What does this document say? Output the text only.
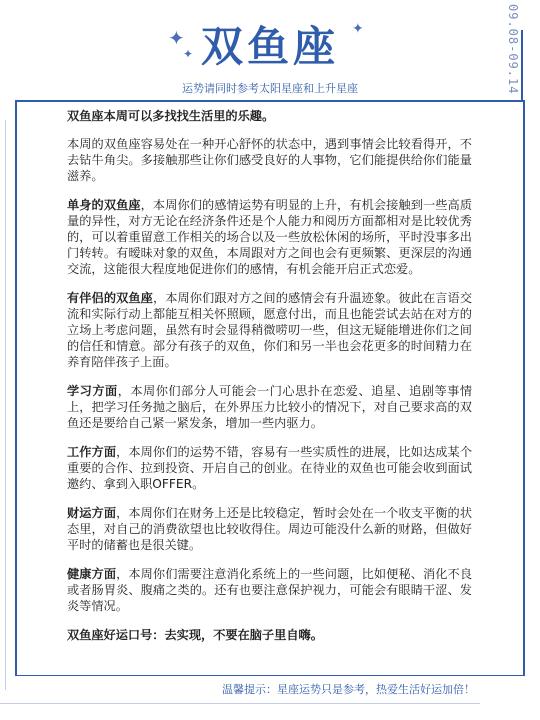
✦
✦
✦
双鱼座
运势请同时参考太阳星座和上升星座	09.08-09.14

双鱼座本周可以多找找生活里的乐趣。

本周的双鱼座容易处在一种开心舒怀的状态中，遇到事情会比较看得开，不去钻牛角尖。多接触那些让你们感受良好的人事物，它们能提供给你们能量滋养。

单身的双鱼座，本周你们的感情运势有明显的上升，有机会接触到一些高质量的异性，对方无论在经济条件还是个人能力和阅历方面都相对是比较优秀的，可以着重留意工作相关的场合以及一些放松休闲的场所，平时没事多出门转转。有暧昧对象的双鱼，本周跟对方之间也会有更频繁、更深层的沟通交流，这能很大程度地促进你们的感情，有机会能开启正式恋爱。

有伴侣的双鱼座，本周你们跟对方之间的感情会有升温迹象。彼此在言语交流和实际行动上都能互相关怀照顾，愿意付出，而且也能尝试去站在对方的立场上考虑问题，虽然有时会显得稍微唠叨一些，但这无疑能增进你们之间的信任和情意。部分有孩子的双鱼，你们和另一半也会花更多的时间精力在养育陪伴孩子上面。

学习方面，本周你们部分人可能会一门心思扑在恋爱、追星、追剧等事情上，把学习任务抛之脑后，在外界压力比较小的情况下，对自己要求高的双鱼还是要给自己紧一紧发条，增加一些内驱力。

工作方面，本周你们的运势不错，容易有一些实质性的进展，比如达成某个重要的合作、拉到投资、开启自己的创业。在待业的双鱼也可能会收到面试邀约、拿到入职OFFER。

财运方面，本周你们在财务上还是比较稳定，暂时会处在一个收支平衡的状态里，对自己的消费欲望也比较收得住。周边可能没什么新的财路，但做好平时的储蓄也是很关键。

健康方面，本周你们需要注意消化系统上的一些问题，比如便秘、消化不良或者肠胃炎、腹痛之类的。还有也要注意保护视力，可能会有眼睛干涩、发炎等情况。

双鱼座好运口号：去实现，不要在脑子里自嗨。

温馨提示：星座运势只是参考，热爱生活好运加倍！
